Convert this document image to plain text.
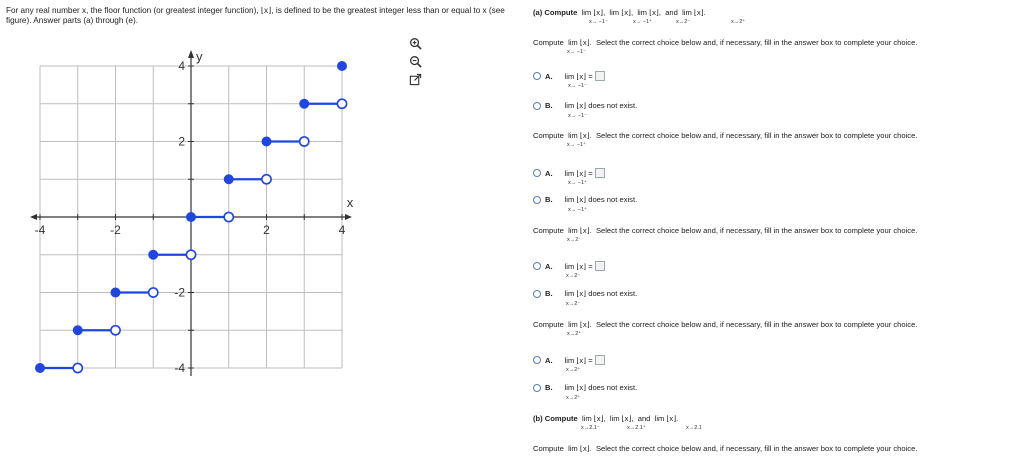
For any real number x, the floor function (or greatest integer function), ⌊x⌋, is defined to be the greatest integer less than or equal to x (see
figure). Answer parts (a) through (e).
-4	-2	2	4
4
2
-2
-4
x
y
(a) Compute lim ⌊x⌋, lim ⌊x⌋, lim ⌊x⌋, and lim ⌊x⌋.
x→ −1⁻	x→ −1⁺	x→2⁻	x→2⁺
Compute lim ⌊x⌋. Select the correct choice below and, if necessary, fill in the answer box to complete your choice.
x→ −1⁻
A. lim ⌊x⌋ =
x→ −1⁻
B. lim ⌊x⌋ does not exist.
x→ −1⁻
Compute lim ⌊x⌋. Select the correct choice below and, if necessary, fill in the answer box to complete your choice.
x→ −1⁺
A. lim ⌊x⌋ =
x→ −1⁺
B. lim ⌊x⌋ does not exist.
x→ −1⁺
Compute lim ⌊x⌋. Select the correct choice below and, if necessary, fill in the answer box to complete your choice.
x→2⁻
A. lim ⌊x⌋ =
x→2⁻
B. lim ⌊x⌋ does not exist.
x→2⁻
Compute lim ⌊x⌋. Select the correct choice below and, if necessary, fill in the answer box to complete your choice.
x→2⁺
A. lim ⌊x⌋ =
x→2⁺
B. lim ⌊x⌋ does not exist.
x→2⁺
(b) Compute lim ⌊x⌋, lim ⌊x⌋, and lim ⌊x⌋.
x→2.1⁻	x→2.1⁺	x→2.1
Compute lim ⌊x⌋. Select the correct choice below and, if necessary, fill in the answer box to complete your choice.
